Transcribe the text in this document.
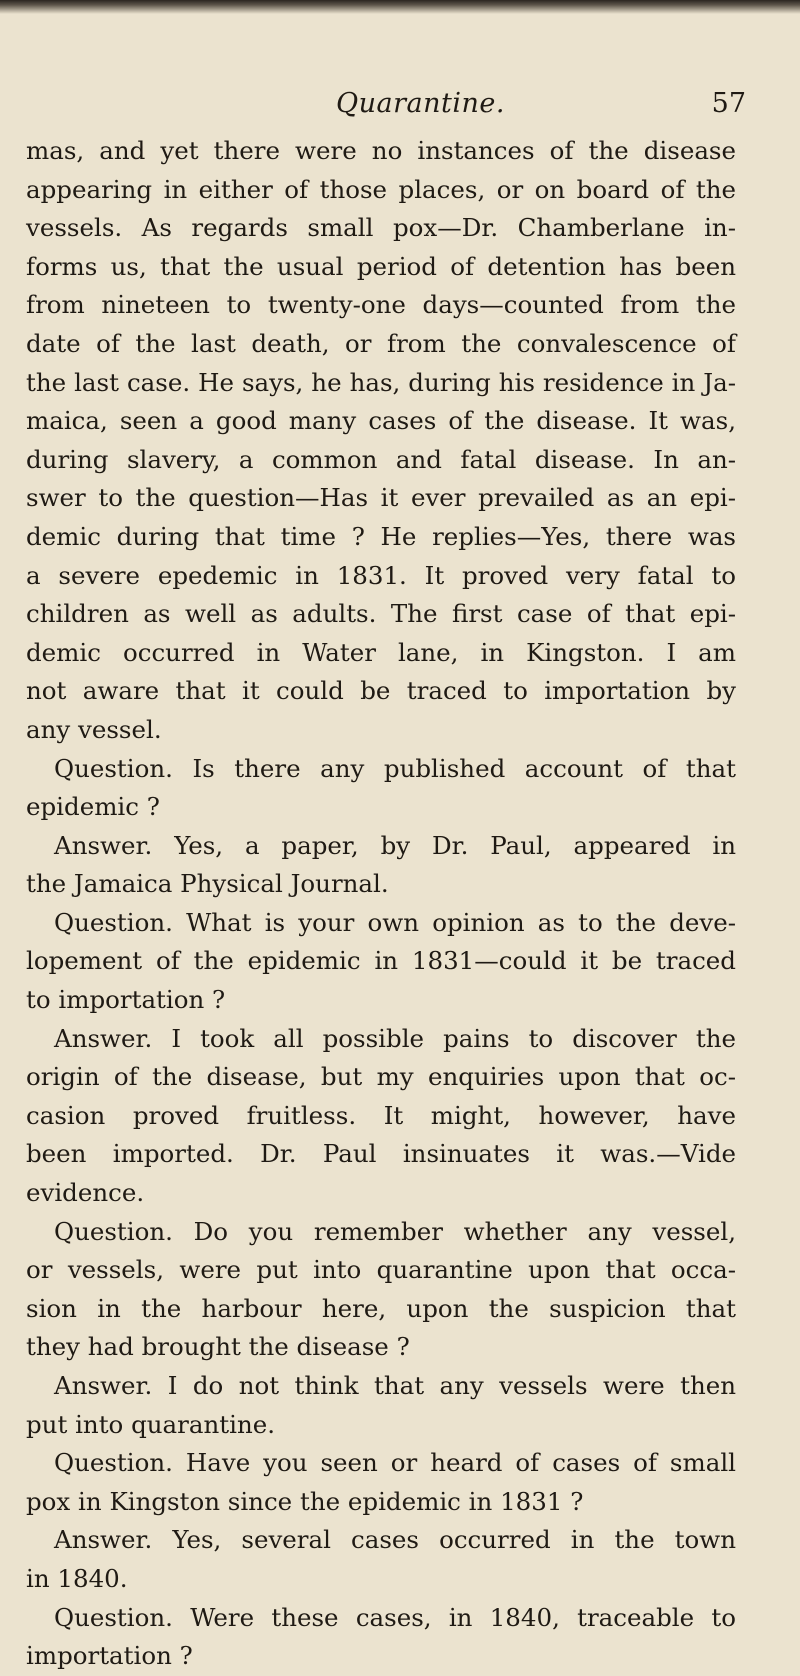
Quarantine.	57
mas, and yet there were no instances of the disease
appearing in either of those places, or on board of the
vessels. As regards small pox—Dr. Chamberlane in-
forms us, that the usual period of detention has been
from nineteen to twenty-one days—counted from the
date of the last death, or from the convalescence of
the last case. He says, he has, during his residence in Ja-
maica, seen a good many cases of the disease. It was,
during slavery, a common and fatal disease. In an-
swer to the question—Has it ever prevailed as an epi-
demic during that time ? He replies—Yes, there was
a severe epedemic in 1831. It proved very fatal to
children as well as adults. The first case of that epi-
demic occurred in Water lane, in Kingston. I am
not aware that it could be traced to importation by
any vessel.
Question. Is there any published account of that
epidemic ?
Answer. Yes, a paper, by Dr. Paul, appeared in
the Jamaica Physical Journal.
Question. What is your own opinion as to the deve-
lopement of the epidemic in 1831—could it be traced
to importation ?
Answer. I took all possible pains to discover the
origin of the disease, but my enquiries upon that oc-
casion proved fruitless. It might, however, have
been imported. Dr. Paul insinuates it was.—Vide
evidence.
Question. Do you remember whether any vessel,
or vessels, were put into quarantine upon that occa-
sion in the harbour here, upon the suspicion that
they had brought the disease ?
Answer. I do not think that any vessels were then
put into quarantine.
Question. Have you seen or heard of cases of small
pox in Kingston since the epidemic in 1831 ?
Answer. Yes, several cases occurred in the town
in 1840.
Question. Were these cases, in 1840, traceable to
importation ?
